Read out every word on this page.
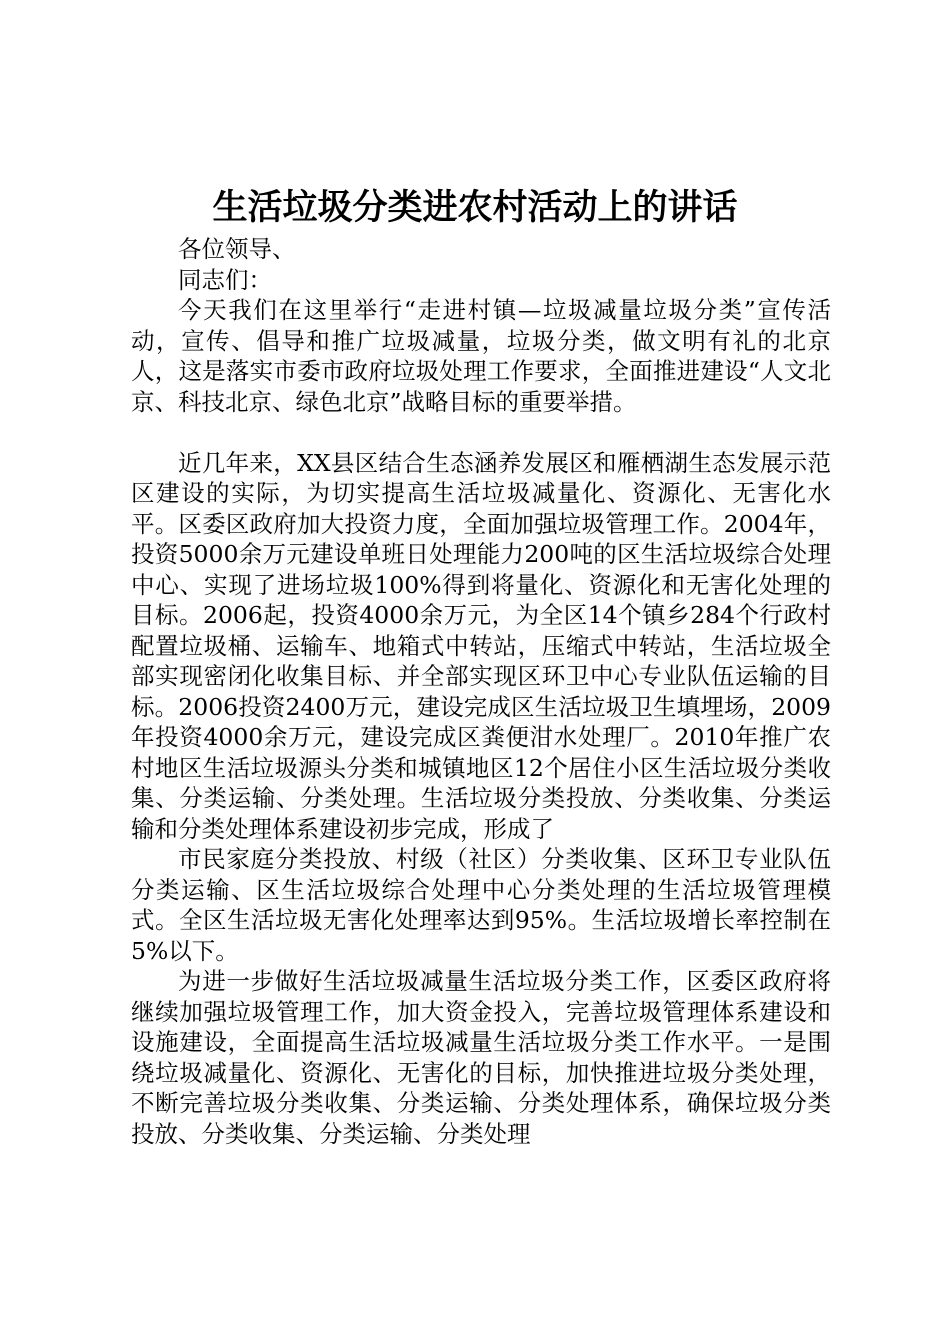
生活垃圾分类进农村活动上的讲话

各位领导、

同志们：

今天我们在这里举行“走进村镇—垃圾减量垃圾分类”宣传活动，宣传、倡导和推广垃圾减量，垃圾分类，做文明有礼的北京人，这是落实市委市政府垃圾处理工作要求，全面推进建设“人文北京、科技北京、绿色北京”战略目标的重要举措。

近几年来，XX县区结合生态涵养发展区和雁栖湖生态发展示范区建设的实际，为切实提高生活垃圾减量化、资源化、无害化水平。区委区政府加大投资力度，全面加强垃圾管理工作。2004年，投资5000余万元建设单班日处理能力200吨的区生活垃圾综合处理中心、实现了进场垃圾100%得到将量化、资源化和无害化处理的目标。2006起，投资4000余万元，为全区14个镇乡284个行政村配置垃圾桶、运输车、地箱式中转站，压缩式中转站，生活垃圾全部实现密闭化收集目标、并全部实现区环卫中心专业队伍运输的目标。2006投资2400万元，建设完成区生活垃圾卫生填埋场，2009年投资4000余万元，建设完成区粪便泔水处理厂。2010年推广农村地区生活垃圾源头分类和城镇地区12个居住小区生活垃圾分类收集、分类运输、分类处理。生活垃圾分类投放、分类收集、分类运输和分类处理体系建设初步完成，形成了

市民家庭分类投放、村级（社区）分类收集、区环卫专业队伍分类运输、区生活垃圾综合处理中心分类处理的生活垃圾管理模式。全区生活垃圾无害化处理率达到95%。生活垃圾增长率控制在5%以下。

为进一步做好生活垃圾减量生活垃圾分类工作，区委区政府将继续加强垃圾管理工作，加大资金投入，完善垃圾管理体系建设和设施建设，全面提高生活垃圾减量生活垃圾分类工作水平。一是围绕垃圾减量化、资源化、无害化的目标，加快推进垃圾分类处理，不断完善垃圾分类收集、分类运输、分类处理体系，确保垃圾分类投放、分类收集、分类运输、分类处理
